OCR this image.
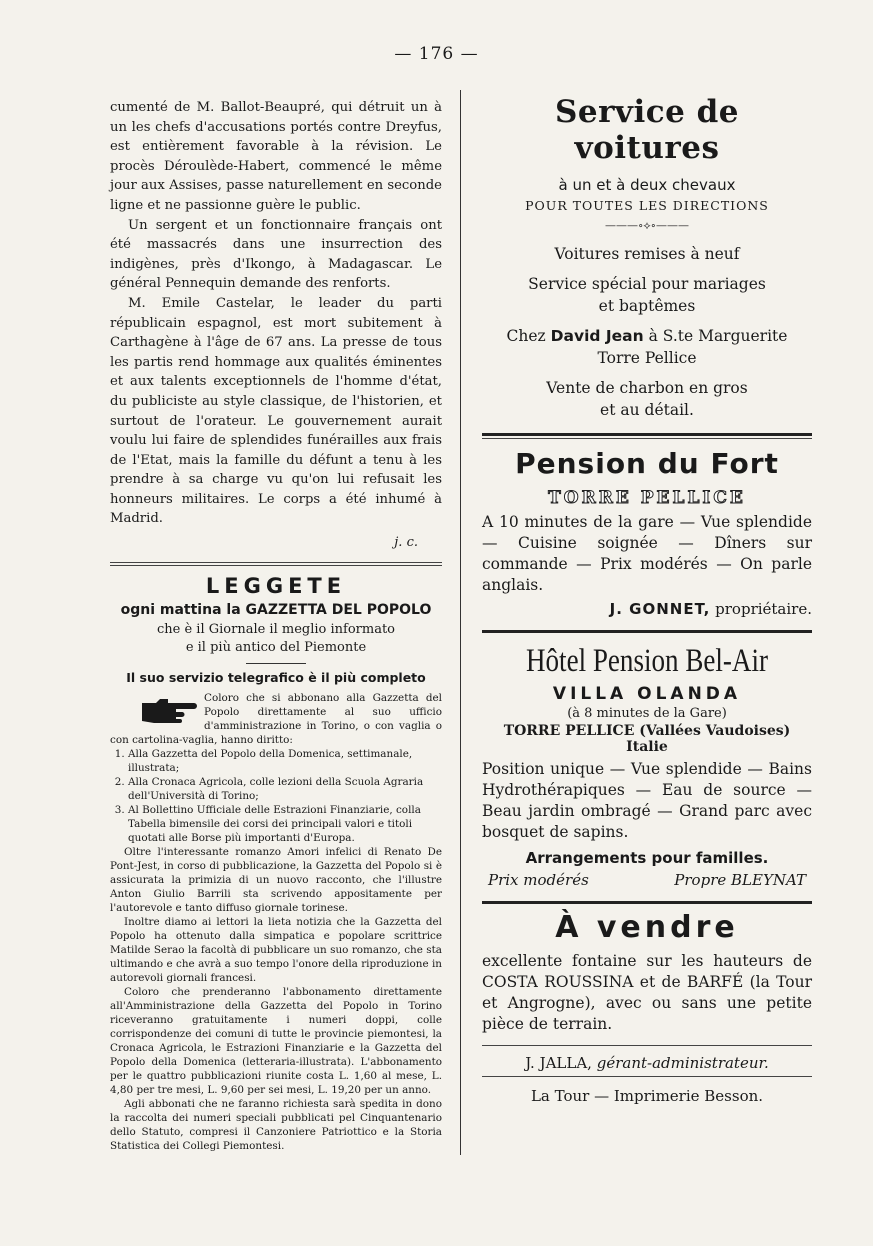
— 176 —

cumenté de M. Ballot-Beaupré, qui détruit un à un les chefs d'accusations portés contre Dreyfus, est entièrement favorable à la révision. Le procès Déroulède-Habert, commencé le même jour aux Assises, passe naturellement en seconde ligne et ne passionne guère le public.

Un sergent et un fonctionnaire français ont été massacrés dans une insurrection des indigènes, près d'Ikongo, à Madagascar. Le général Pennequin demande des renforts.

M. Emile Castelar, le leader du parti républicain espagnol, est mort subitement à Carthagène à l'âge de 67 ans. La presse de tous les partis rend hommage aux qualités éminentes et aux talents exceptionnels de l'homme d'état, du publiciste au style classique, de l'historien, et surtout de l'orateur. Le gouvernement aurait voulu lui faire de splendides funérailles aux frais de l'Etat, mais la famille du défunt a tenu à les prendre à sa charge vu qu'on lui refusait les honneurs militaires. Le corps a été inhumé à Madrid.

j. c.
LEGGETE
ogni mattina la GAZZETTA DEL POPOLO
che è il Giornale il meglio informato
e il più antico del Piemonte
Il suo servizio telegrafico è il più completo

Coloro che si abbonano alla Gazzetta del Popolo direttamente al suo ufficio d'amministrazione in Torino, o con vaglia o con cartolina-vaglia, hanno diritto:

1. Alla Gazzetta del Popolo della Domenica, settimanale, illustrata;
2. Alla Cronaca Agricola, colle lezioni della Scuola Agraria dell'Università di Torino;
3. Al Bollettino Ufficiale delle Estrazioni Finanziarie, colla Tabella bimensile dei corsi dei principali valori e titoli quotati alle Borse più importanti d'Europa.

Oltre l'interessante romanzo Amori infelici di Renato De Pont-Jest, in corso di pubblicazione, la Gazzetta del Popolo si è assicurata la primizia di un nuovo racconto, che l'illustre Anton Giulio Barrili sta scrivendo appositamente per l'autorevole e tanto diffuso giornale torinese.

Inoltre diamo ai lettori la lieta notizia che la Gazzetta del Popolo ha ottenuto dalla simpatica e popolare scrittrice Matilde Serao la facoltà di pubblicare un suo romanzo, che sta ultimando e che avrà a suo tempo l'onore della riproduzione in autorevoli giornali francesi.

Coloro che prenderanno l'abbonamento direttamente all'Amministrazione della Gazzetta del Popolo in Torino riceveranno gratuitamente i numeri doppi, colle corrispondenze dei comuni di tutte le provincie piemontesi, la Cronaca Agricola, le Estrazioni Finanziarie e la Gazzetta del Popolo della Domenica (letteraria-illustrata). L'abbonamento per le quattro pubblicazioni riunite costa L. 1,60 al mese, L. 4,80 per tre mesi, L. 9,60 per sei mesi, L. 19,20 per un anno.

Agli abbonati che ne faranno richiesta sarà spedita in dono la raccolta dei numeri speciali pubblicati pel Cinquantenario dello Statuto, compresi il Canzoniere Patriottico e la Storia Statistica dei Collegi Piemontesi.

Service de voitures
à un et à deux chevaux
POUR TOUTES LES DIRECTIONS
———∘⟡∘———
Voitures remises à neuf
Service spécial pour mariages
et baptêmes
Chez David Jean à S.te Marguerite
Torre Pellice
Vente de charbon en gros
et au détail.
Pension du Fort
TORRE PELLICE

A 10 minutes de la gare — Vue splendide — Cuisine soignée — Dîners sur commande — Prix modérés — On parle anglais.

J. GONNET, propriétaire.
Hôtel Pension Bel-Air
VILLA OLANDA
(à 8 minutes de la Gare)
TORRE PELLICE (Vallées Vaudoises) Italie

Position unique — Vue splendide — Bains Hydrothérapiques — Eau de source — Beau jardin ombragé — Grand parc avec bosquet de sapins.

Arrangements pour familles.
Prix modérés	Propre BLEYNAT
À vendre

excellente fontaine sur les hauteurs de COSTA ROUSSINA et de BARFÉ (la Tour et Angrogne), avec ou sans une petite pièce de terrain.

J. JALLA, gérant-administrateur.
La Tour — Imprimerie Besson.
